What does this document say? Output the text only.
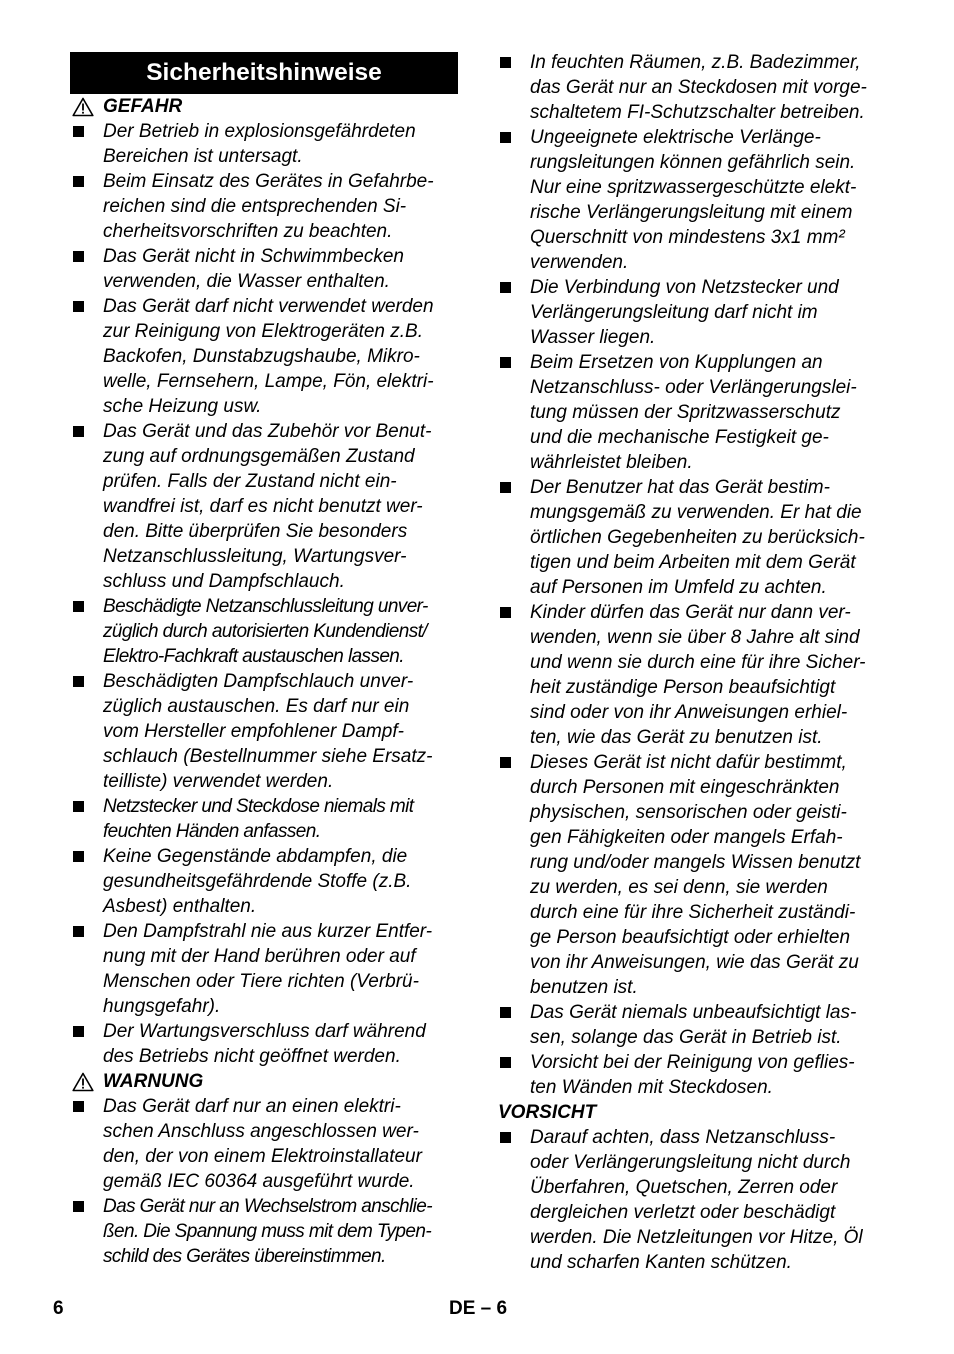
Sicherheitshinweise
GEFAHR
Der Betrieb in explosionsgefährdeten
Bereichen ist untersagt.
Beim Einsatz des Gerätes in Gefahrbe-
reichen sind die entsprechenden Si-
cherheitsvorschriften zu beachten.
Das Gerät nicht in Schwimmbecken
verwenden, die Wasser enthalten.
Das Gerät darf nicht verwendet werden
zur Reinigung von Elektrogeräten z.B.
Backofen, Dunstabzugshaube, Mikro-
welle, Fernsehern, Lampe, Fön, elektri-
sche Heizung usw.
Das Gerät und das Zubehör vor Benut-
zung auf ordnungsgemäßen Zustand
prüfen. Falls der Zustand nicht ein-
wandfrei ist, darf es nicht benutzt wer-
den. Bitte überprüfen Sie besonders
Netzanschlussleitung, Wartungsver-
schluss und Dampfschlauch.
Beschädigte Netzanschlussleitung unver-
züglich durch autorisierten Kundendienst/
Elektro-Fachkraft austauschen lassen.
Beschädigten Dampfschlauch unver-
züglich austauschen. Es darf nur ein
vom Hersteller empfohlener Dampf-
schlauch (Bestellnummer siehe Ersatz-
teilliste) verwendet werden.
Netzstecker und Steckdose niemals mit
feuchten Händen anfassen.
Keine Gegenstände abdampfen, die
gesundheitsgefährdende Stoffe (z.B.
Asbest) enthalten.
Den Dampfstrahl nie aus kurzer Entfer-
nung mit der Hand berühren oder auf
Menschen oder Tiere richten (Verbrü-
hungsgefahr).
Der Wartungsverschluss darf während
des Betriebs nicht geöffnet werden.
WARNUNG
Das Gerät darf nur an einen elektri-
schen Anschluss angeschlossen wer-
den, der von einem Elektroinstallateur
gemäß IEC 60364 ausgeführt wurde.
Das Gerät nur an Wechselstrom anschlie-
ßen. Die Spannung muss mit dem Typen-
schild des Gerätes übereinstimmen.
In feuchten Räumen, z.B. Badezimmer,
das Gerät nur an Steckdosen mit vorge-
schaltetem FI-Schutzschalter betreiben.
Ungeeignete elektrische Verlänge-
rungsleitungen können gefährlich sein.
Nur eine spritzwassergeschützte elekt-
rische Verlängerungsleitung mit einem
Querschnitt von mindestens 3x1 mm²
verwenden.
Die Verbindung von Netzstecker und
Verlängerungsleitung darf nicht im
Wasser liegen.
Beim Ersetzen von Kupplungen an
Netzanschluss- oder Verlängerungslei-
tung müssen der Spritzwasserschutz
und die mechanische Festigkeit ge-
währleistet bleiben.
Der Benutzer hat das Gerät bestim-
mungsgemäß zu verwenden. Er hat die
örtlichen Gegebenheiten zu berücksich-
tigen und beim Arbeiten mit dem Gerät
auf Personen im Umfeld zu achten.
Kinder dürfen das Gerät nur dann ver-
wenden, wenn sie über 8 Jahre alt sind
und wenn sie durch eine für ihre Sicher-
heit zuständige Person beaufsichtigt
sind oder von ihr Anweisungen erhiel-
ten, wie das Gerät zu benutzen ist.
Dieses Gerät ist nicht dafür bestimmt,
durch Personen mit eingeschränkten
physischen, sensorischen oder geisti-
gen Fähigkeiten oder mangels Erfah-
rung und/oder mangels Wissen benutzt
zu werden, es sei denn, sie werden
durch eine für ihre Sicherheit zuständi-
ge Person beaufsichtigt oder erhielten
von ihr Anweisungen, wie das Gerät zu
benutzen ist.
Das Gerät niemals unbeaufsichtigt las-
sen, solange das Gerät in Betrieb ist.
Vorsicht bei der Reinigung von geflies-
ten Wänden mit Steckdosen.
VORSICHT
Darauf achten, dass Netzanschluss-
oder Verlängerungsleitung nicht durch
Überfahren, Quetschen, Zerren oder
dergleichen verletzt oder beschädigt
werden. Die Netzleitungen vor Hitze, Öl
und scharfen Kanten schützen.
6	DE – 6
